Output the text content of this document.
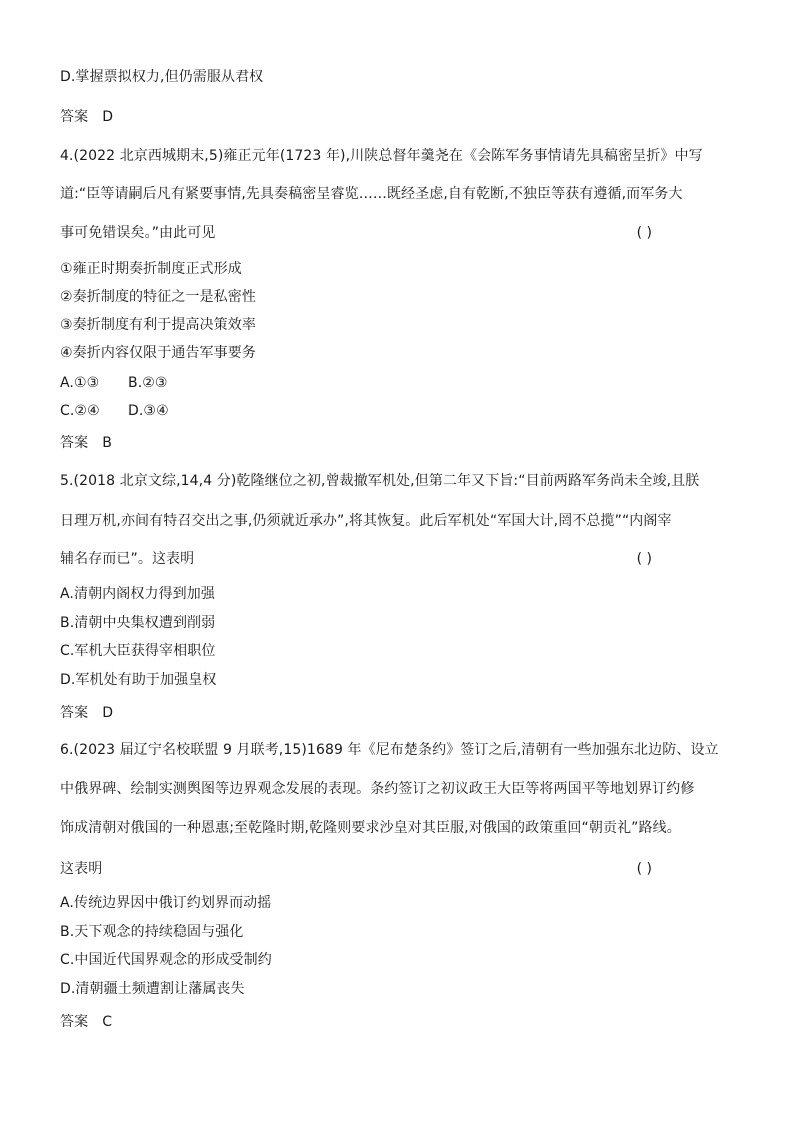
D.掌握票拟权力,但仍需服从君权
答案 D
4.(2022 北京西城期末,5)雍正元年(1723 年),川陕总督年羹尧在《会陈军务事情请先具稿密呈折》中写
道:“臣等请嗣后凡有紧要事情,先具奏稿密呈睿览……既经圣虑,自有乾断,不独臣等获有遵循,而军务大
事可免错误矣。”由此可见	( )
①雍正时期奏折制度正式形成
②奏折制度的特征之一是私密性
③奏折制度有利于提高决策效率
④奏折内容仅限于通告军事要务
A.①③ B.②③
C.②④ D.③④
答案 B
5.(2018 北京文综,14,4 分)乾隆继位之初,曾裁撤军机处,但第二年又下旨:“目前两路军务尚未全竣,且朕
日理万机,亦间有特召交出之事,仍须就近承办”,将其恢复。此后军机处“军国大计,罔不总揽”“内阁宰
辅名存而已”。这表明	( )
A.清朝内阁权力得到加强
B.清朝中央集权遭到削弱
C.军机大臣获得宰相职位
D.军机处有助于加强皇权
答案 D
6.(2023 届辽宁名校联盟 9 月联考,15)1689 年《尼布楚条约》签订之后,清朝有一些加强东北边防、设立
中俄界碑、绘制实测舆图等边界观念发展的表现。条约签订之初议政王大臣等将两国平等地划界订约修
饰成清朝对俄国的一种恩惠;至乾隆时期,乾隆则要求沙皇对其臣服,对俄国的政策重回“朝贡礼”路线。
这表明	( )
A.传统边界因中俄订约划界而动摇
B.天下观念的持续稳固与强化
C.中国近代国界观念的形成受制约
D.清朝疆土频遭割让藩属丧失
答案 C
